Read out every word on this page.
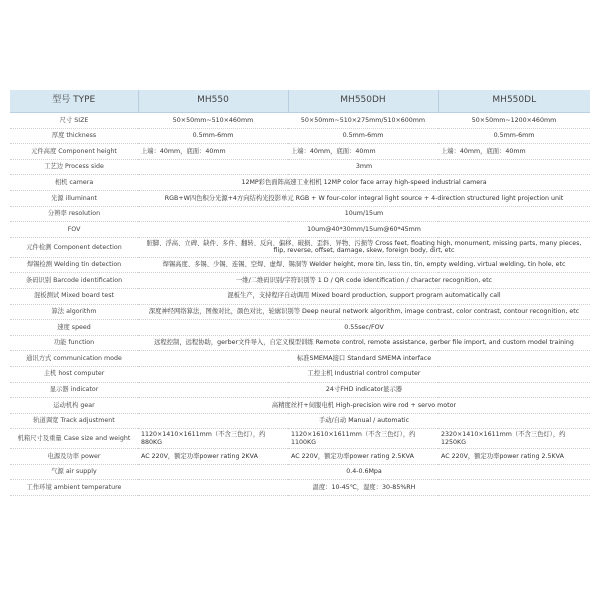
型号 TYPE	MH550	MH550DH	MH550DL
尺寸 SIZE	50×50mm~510×460mm	50×50mm~510×275mm/510×600mm	50×50mm~1200×460mm
厚度 thickness	0.5mm-6mm	0.5mm-6mm	0.5mm-6mm
元件高度 Component height	上端：40mm，底面：40mm	上端：40mm，底面：40mm	上端：40mm，底面：40mm
工艺边 Process side	3mm		
相机 camera	12MP彩色面阵高速工业相机 12MP color face array high-speed industrial camera		
光源 illuminant	RGB+W四色积分光源+4方向结构光投影单元 RGB + W four-color integral light source + 4-direction structured light projection unit		
分辨率 resolution	10um/15um		
FOV	10um@40*30mm/15um@60*45mm		
元件检测 Component detection	脏脚、浮高、立碑、缺件、多件、翻转、反向、偏移、破损、歪斜、异物、污损等 Cross feet, floating high, monument, missing parts, many pieces, flip, reverse, offset, damage, skew, foreign body, dirt, etc		
焊锡检测 Welding tin detection	焊锡高度、多锡、少锡、连锡、空焊、虚焊、锡洞等 Welder height, more tin, less tin, tin, empty welding, virtual welding, tin hole, etc		
条码识别 Barcode identification	一维/二维码识别/字符识别等 1 D / QR code identification / character recognition, etc		
混板测试 Mixed board test	混板生产，支持程序自动调用 Mixed board production, support program automatically call		
算法 algorithm	深度神经网络算法，图像对比，颜色对比，轮廓识别等 Deep neural network algorithm, image contrast, color contrast, contour recognition, etc		
速度 speed	0.55sec/FOV		
功能 function	远程控制，远程协助，gerber文件导入，自定义模型训练 Remote control, remote assistance, gerber file import, and custom model training		
通讯方式 communication mode	标准SMEMA接口 Standard SMEMA interface		
主机 host computer	工控主机 Industrial control computer		
显示器 indicator	24寸FHD indicator显示器		
运动机构 gear	高精度丝杆+伺服电机 High-precision wire rod + servo motor		
轨道调宽 Track adjustment	手动/自动 Manual / automatic		
机箱尺寸及重量 Case size and weight	1120×1410×1611mm（不含三色灯），约880KG	1120×1610×1611mm（不含三色灯），约1100KG	2320×1410×1611mm（不含三色灯），约1250KG
电源及功率 power	AC 220V，额定功率power rating 2KVA	AC 220V，额定功率power rating 2.5KVA	AC 220V，额定功率power rating 2.5KVA
气源 air supply	0.4-0.6Mpa		
工作环境 ambient temperature	温度：10-45℃，湿度：30-85%RH		
